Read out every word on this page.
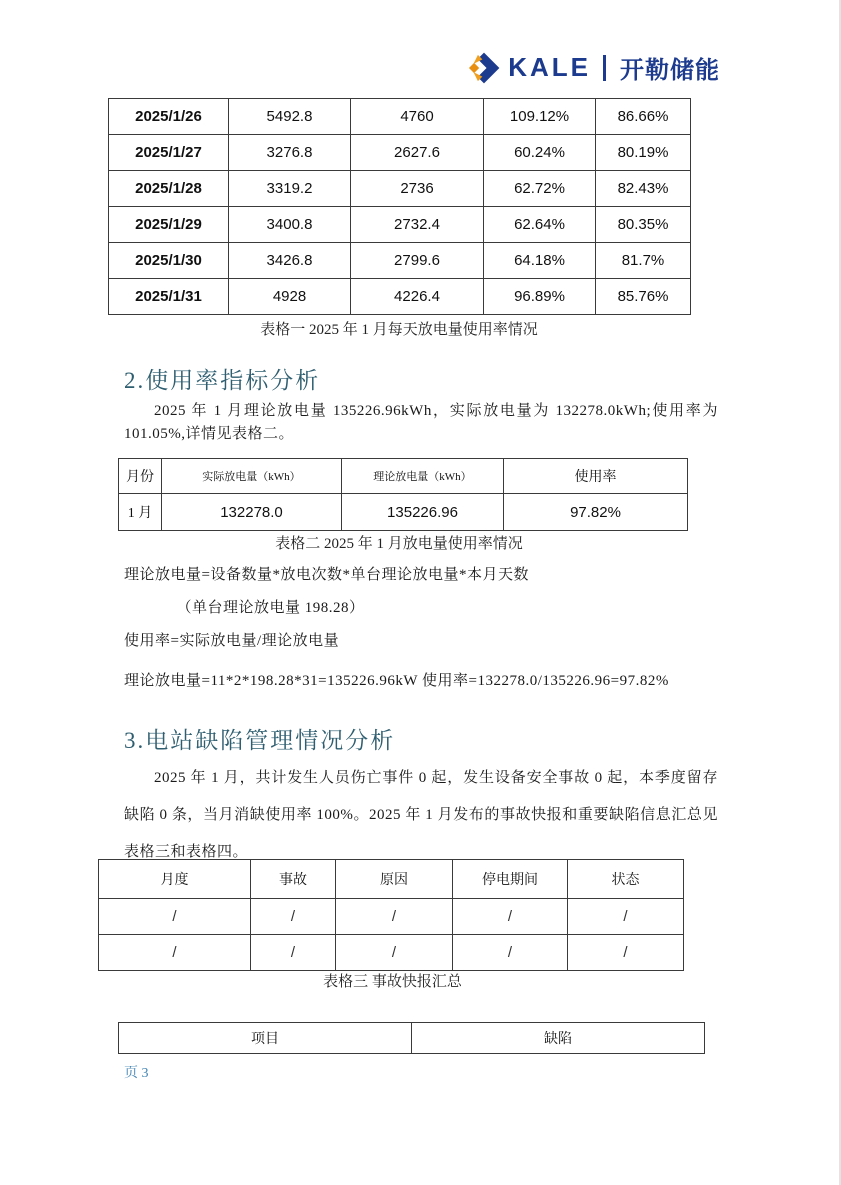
KALE 开勒储能
2025/1/26	5492.8	4760	109.12%	86.66%
2025/1/27	3276.8	2627.6	60.24%	80.19%
2025/1/28	3319.2	2736	62.72%	82.43%
2025/1/29	3400.8	2732.4	62.64%	80.35%
2025/1/30	3426.8	2799.6	64.18%	81.7%
2025/1/31	4928	4226.4	96.89%	85.76%
表格一 2025 年 1 月每天放电量使用率情况
2.使用率指标分析

2025 年 1 月理论放电量 135226.96kWh，实际放电量为 132278.0kWh;使用率为 101.05%,详情见表格二。

月份	实际放电量（kWh）	理论放电量（kWh）	使用率
1 月	132278.0	135226.96	97.82%
表格二 2025 年 1 月放电量使用率情况
理论放电量=设备数量*放电次数*单台理论放电量*本月天数
（单台理论放电量 198.28）
使用率=实际放电量/理论放电量
理论放电量=11*2*198.28*31=135226.96kW 使用率=132278.0/135226.96=97.82%
3.电站缺陷管理情况分析

2025 年 1 月，共计发生人员伤亡事件 0 起，发生设备安全事故 0 起，本季度留存缺陷 0 条，当月消缺使用率 100%。2025 年 1 月发布的事故快报和重要缺陷信息汇总见表格三和表格四。

月度	事故	原因	停电期间	状态
/	/	/	/	/
/	/	/	/	/
表格三 事故快报汇总
项目	缺陷
页 3
